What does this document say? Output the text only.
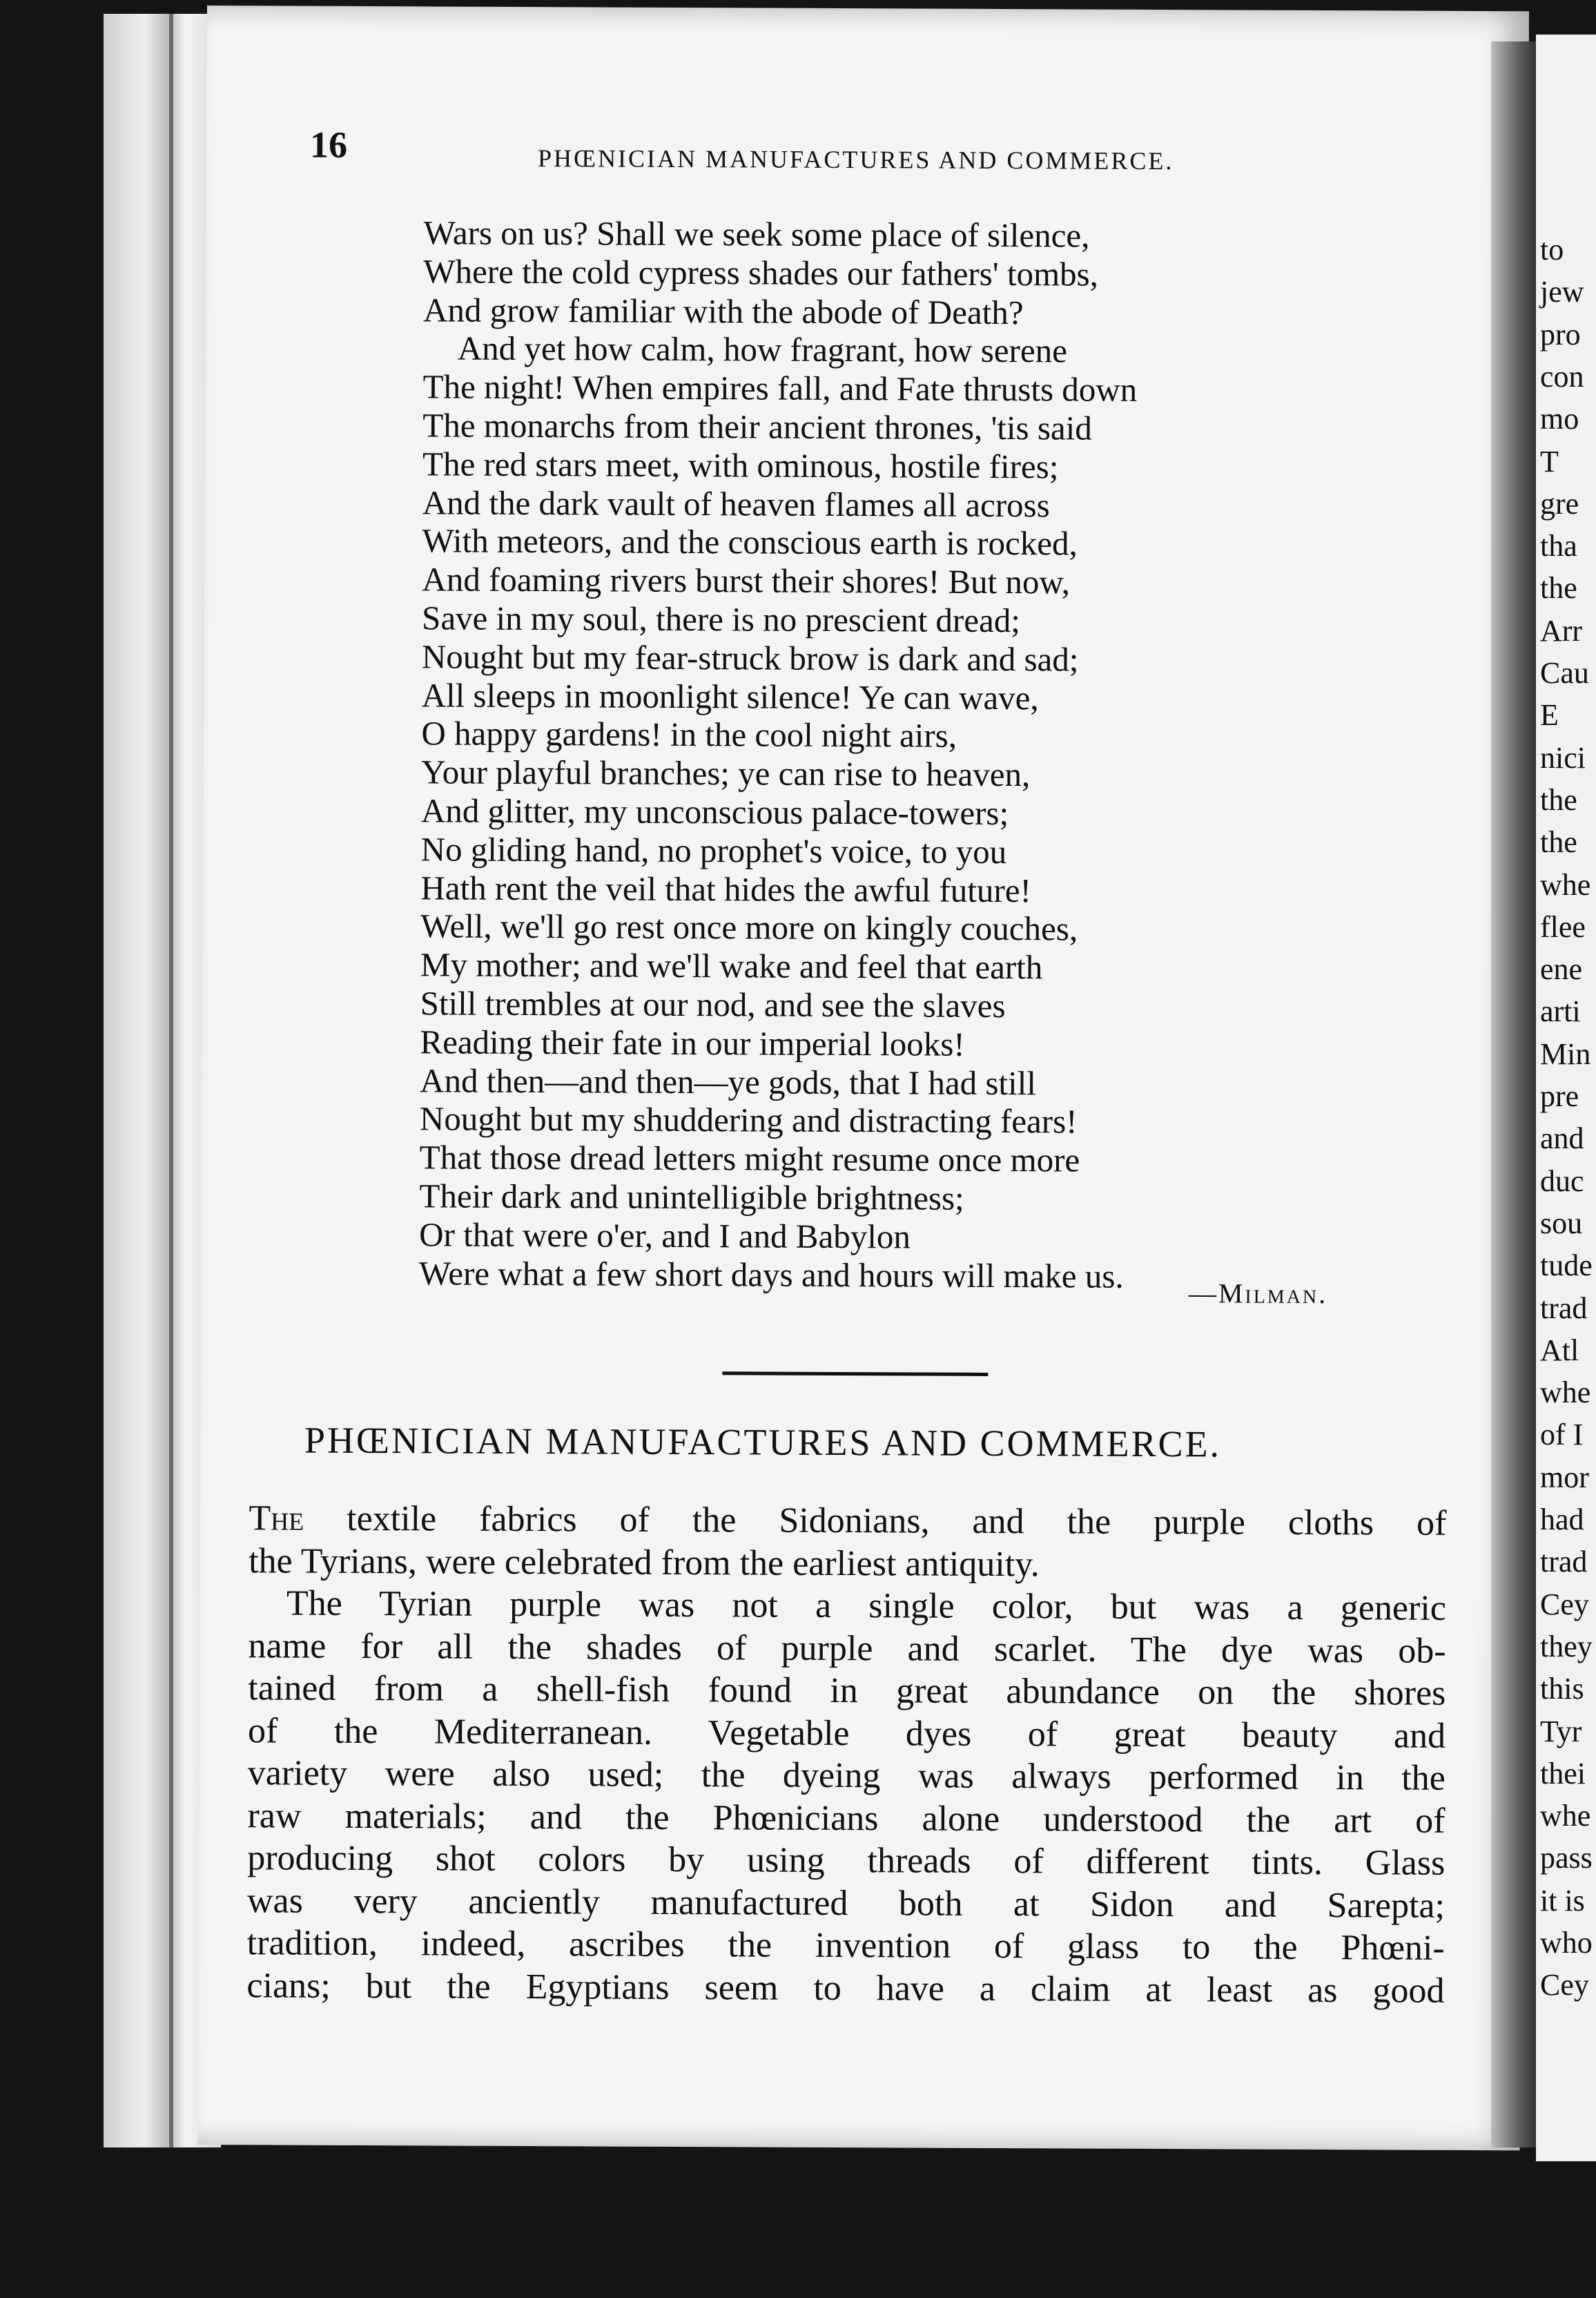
16	PHŒNICIAN MANUFACTURES AND COMMERCE.
Wars on us? Shall we seek some place of silence,
Where the cold cypress shades our fathers' tombs,
And grow familiar with the abode of Death?
And yet how calm, how fragrant, how serene
The night! When empires fall, and Fate thrusts down
The monarchs from their ancient thrones, 'tis said
The red stars meet, with ominous, hostile fires;
And the dark vault of heaven flames all across
With meteors, and the conscious earth is rocked,
And foaming rivers burst their shores! But now,
Save in my soul, there is no prescient dread;
Nought but my fear-struck brow is dark and sad;
All sleeps in moonlight silence! Ye can wave,
O happy gardens! in the cool night airs,
Your playful branches; ye can rise to heaven,
And glitter, my unconscious palace-towers;
No gliding hand, no prophet's voice, to you
Hath rent the veil that hides the awful future!
Well, we'll go rest once more on kingly couches,
My mother; and we'll wake and feel that earth
Still trembles at our nod, and see the slaves
Reading their fate in our imperial looks!
And then—and then—ye gods, that I had still
Nought but my shuddering and distracting fears!
That those dread letters might resume once more
Their dark and unintelligible brightness;
Or that were o'er, and I and Babylon
Were what a few short days and hours will make us.	—Milman.
PHŒNICIAN MANUFACTURES AND COMMERCE.
The textile fabrics of the Sidonians, and the purple cloths of
the Tyrians, were celebrated from the earliest antiquity.
The Tyrian purple was not a single color, but was a generic
name for all the shades of purple and scarlet. The dye was ob-
tained from a shell-fish found in great abundance on the shores
of the Mediterranean. Vegetable dyes of great beauty and
variety were also used; the dyeing was always performed in the
raw materials; and the Phœnicians alone understood the art of
producing shot colors by using threads of different tints. Glass
was very anciently manufactured both at Sidon and Sarepta;
tradition, indeed, ascribes the invention of glass to the Phœni-
cians; but the Egyptians seem to have a claim at least as good
to
jew
pro
con
mo
T
gre
tha
the
Arr
Cau
E
nici
the
the
whe
flee
ene
arti
Min
pre
and
duc
sou
tude
trad
Atl
whe
of I
mor
had
trad
Cey
they
this
Tyr
thei
whe
pass
it is
who
Cey
